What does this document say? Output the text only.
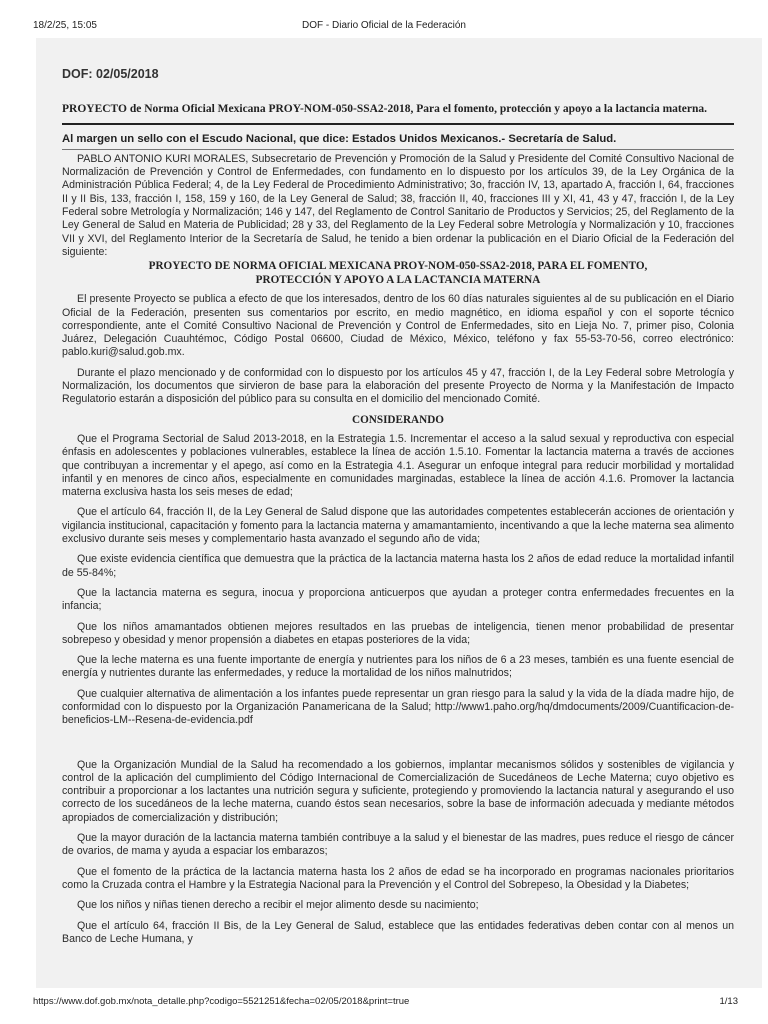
18/2/25, 15:05	DOF - Diario Oficial de la Federación
DOF: 02/05/2018
PROYECTO de Norma Oficial Mexicana PROY-NOM-050-SSA2-2018, Para el fomento, protección y apoyo a la lactancia materna.
Al margen un sello con el Escudo Nacional, que dice: Estados Unidos Mexicanos.- Secretaría de Salud.

PABLO ANTONIO KURI MORALES, Subsecretario de Prevención y Promoción de la Salud y Presidente del Comité Consultivo Nacional de Normalización de Prevención y Control de Enfermedades, con fundamento en lo dispuesto por los artículos 39, de la Ley Orgánica de la Administración Pública Federal; 4, de la Ley Federal de Procedimiento Administrativo; 3o, fracción IV, 13, apartado A, fracción I, 64, fracciones II y II Bis, 133, fracción I, 158, 159 y 160, de la Ley General de Salud; 38, fracción II, 40, fracciones III y XI, 41, 43 y 47, fracción I, de la Ley Federal sobre Metrología y Normalización; 146 y 147, del Reglamento de Control Sanitario de Productos y Servicios; 25, del Reglamento de la Ley General de Salud en Materia de Publicidad; 28 y 33, del Reglamento de la Ley Federal sobre Metrología y Normalización y 10, fracciones VII y XVI, del Reglamento Interior de la Secretaría de Salud, he tenido a bien ordenar la publicación en el Diario Oficial de la Federación del siguiente:

PROYECTO DE NORMA OFICIAL MEXICANA PROY-NOM-050-SSA2-2018, PARA EL FOMENTO,
PROTECCIÓN Y APOYO A LA LACTANCIA MATERNA

El presente Proyecto se publica a efecto de que los interesados, dentro de los 60 días naturales siguientes al de su publicación en el Diario Oficial de la Federación, presenten sus comentarios por escrito, en medio magnético, en idioma español y con el soporte técnico correspondiente, ante el Comité Consultivo Nacional de Prevención y Control de Enfermedades, sito en Lieja No. 7, primer piso, Colonia Juárez, Delegación Cuauhtémoc, Código Postal 06600, Ciudad de México, México, teléfono y fax 55-53-70-56, correo electrónico: pablo.kuri@salud.gob.mx.

Durante el plazo mencionado y de conformidad con lo dispuesto por los artículos 45 y 47, fracción I, de la Ley Federal sobre Metrología y Normalización, los documentos que sirvieron de base para la elaboración del presente Proyecto de Norma y la Manifestación de Impacto Regulatorio estarán a disposición del público para su consulta en el domicilio del mencionado Comité.

CONSIDERANDO

Que el Programa Sectorial de Salud 2013-2018, en la Estrategia 1.5. Incrementar el acceso a la salud sexual y reproductiva con especial énfasis en adolescentes y poblaciones vulnerables, establece la línea de acción 1.5.10. Fomentar la lactancia materna a través de acciones que contribuyan a incrementar y el apego, así como en la Estrategia 4.1. Asegurar un enfoque integral para reducir morbilidad y mortalidad infantil y en menores de cinco años, especialmente en comunidades marginadas, establece la línea de acción 4.1.6. Promover la lactancia materna exclusiva hasta los seis meses de edad;

Que el artículo 64, fracción II, de la Ley General de Salud dispone que las autoridades competentes establecerán acciones de orientación y vigilancia institucional, capacitación y fomento para la lactancia materna y amamantamiento, incentivando a que la leche materna sea alimento exclusivo durante seis meses y complementario hasta avanzado el segundo año de vida;

Que existe evidencia científica que demuestra que la práctica de la lactancia materna hasta los 2 años de edad reduce la mortalidad infantil de 55-84%;

Que la lactancia materna es segura, inocua y proporciona anticuerpos que ayudan a proteger contra enfermedades frecuentes en la infancia;

Que los niños amamantados obtienen mejores resultados en las pruebas de inteligencia, tienen menor probabilidad de presentar sobrepeso y obesidad y menor propensión a diabetes en etapas posteriores de la vida;

Que la leche materna es una fuente importante de energía y nutrientes para los niños de 6 a 23 meses, también es una fuente esencial de energía y nutrientes durante las enfermedades, y reduce la mortalidad de los niños malnutridos;

Que cualquier alternativa de alimentación a los infantes puede representar un gran riesgo para la salud y la vida de la díada madre hijo, de conformidad con lo dispuesto por la Organización Panamericana de la Salud; http://www1.paho.org/hq/dmdocuments/2009/Cuantificacion-de-beneficios-LM--Resena-de-evidencia.pdf

Que la Organización Mundial de la Salud ha recomendado a los gobiernos, implantar mecanismos sólidos y sostenibles de vigilancia y control de la aplicación del cumplimiento del Código Internacional de Comercialización de Sucedáneos de Leche Materna; cuyo objetivo es contribuir a proporcionar a los lactantes una nutrición segura y suficiente, protegiendo y promoviendo la lactancia natural y asegurando el uso correcto de los sucedáneos de la leche materna, cuando éstos sean necesarios, sobre la base de información adecuada y mediante métodos apropiados de comercialización y distribución;

Que la mayor duración de la lactancia materna también contribuye a la salud y el bienestar de las madres, pues reduce el riesgo de cáncer de ovarios, de mama y ayuda a espaciar los embarazos;

Que el fomento de la práctica de la lactancia materna hasta los 2 años de edad se ha incorporado en programas nacionales prioritarios como la Cruzada contra el Hambre y la Estrategia Nacional para la Prevención y el Control del Sobrepeso, la Obesidad y la Diabetes;

Que los niños y niñas tienen derecho a recibir el mejor alimento desde su nacimiento;

Que el artículo 64, fracción II Bis, de la Ley General de Salud, establece que las entidades federativas deben contar con al menos un Banco de Leche Humana, y

https://www.dof.gob.mx/nota_detalle.php?codigo=5521251&fecha=02/05/2018&print=true	1/13
